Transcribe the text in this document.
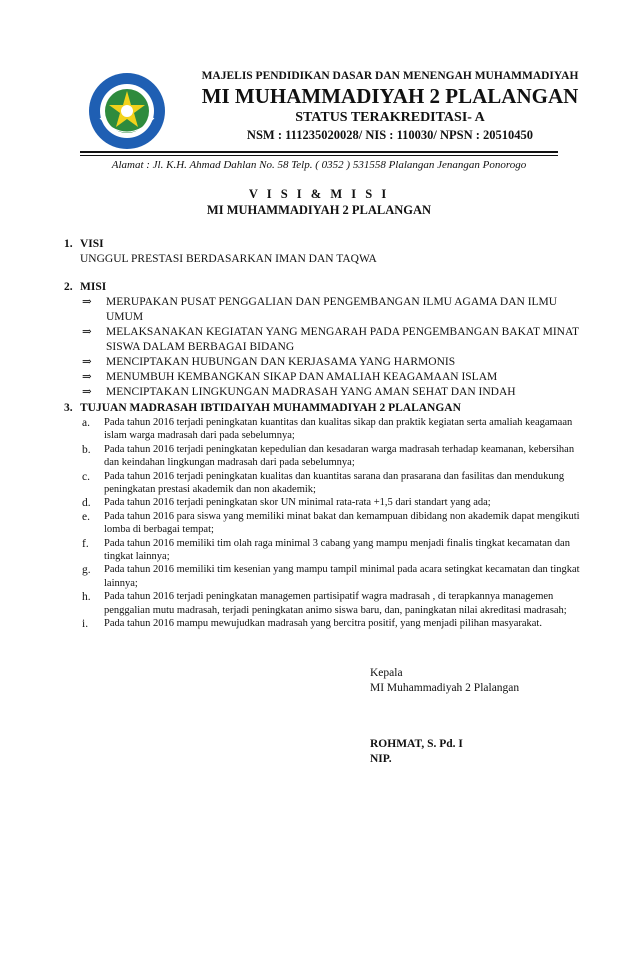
MAJELIS PENDIDIKAN DASAR DAN MENENGAH MUHAMMADIYAH
MI MUHAMMADIYAH 2 PLALANGAN
STATUS TERAKREDITASI- A
NSM : 111235020028/ NIS : 110030/ NPSN : 20510450
Alamat : Jl. K.H. Ahmad Dahlan No. 58 Telp. ( 0352 ) 531558 Plalangan Jenangan Ponorogo
V I S I & M I S I
MI MUHAMMADIYAH 2 PLALANGAN
1. VISI
UNGGUL PRESTASI BERDASARKAN IMAN DAN TAQWA
2. MISI
⇒	MERUPAKAN PUSAT PENGGALIAN DAN PENGEMBANGAN ILMU AGAMA DAN ILMU UMUM
⇒	MELAKSANAKAN KEGIATAN YANG MENGARAH PADA PENGEMBANGAN BAKAT MINAT SISWA DALAM BERBAGAI BIDANG
⇒	MENCIPTAKAN HUBUNGAN DAN KERJASAMA YANG HARMONIS
⇒	MENUMBUH KEMBANGKAN SIKAP DAN AMALIAH KEAGAMAAN ISLAM
⇒	MENCIPTAKAN LINGKUNGAN MADRASAH YANG AMAN SEHAT DAN INDAH
3. TUJUAN MADRASAH IBTIDAIYAH MUHAMMADIYAH 2 PLALANGAN
a.	Pada tahun 2016 terjadi peningkatan kuantitas dan kualitas sikap dan praktik kegiatan serta amaliah keagamaan islam warga madrasah dari pada sebelumnya;
b.	Pada tahun 2016 terjadi peningkatan kepedulian dan kesadaran warga madrasah terhadap keamanan, kebersihan dan keindahan lingkungan madrasah dari pada sebelumnya;
c.	Pada tahun 2016 terjadi peningkatan kualitas dan kuantitas sarana dan prasarana dan fasilitas dan mendukung peningkatan prestasi akademik dan non akademik;
d.	Pada tahun 2016 terjadi peningkatan skor UN minimal rata-rata +1,5 dari standart yang ada;
e.	Pada tahun 2016 para siswa yang memiliki minat bakat dan kemampuan dibidang non akademik dapat mengikuti lomba di berbagai tempat;
f.	Pada tahun 2016 memiliki tim olah raga minimal 3 cabang yang mampu menjadi finalis tingkat kecamatan dan tingkat lainnya;
g.	Pada tahun 2016 memiliki tim kesenian yang mampu tampil minimal pada acara setingkat kecamatan dan tingkat lainnya;
h.	Pada tahun 2016 terjadi peningkatan managemen partisipatif wagra madrasah , di terapkannya managemen penggalian mutu madrasah, terjadi peningkatan animo siswa baru, dan, paningkatan nilai akreditasi madrasah;
i.	Pada tahun 2016 mampu mewujudkan madrasah yang bercitra positif, yang menjadi pilihan masyarakat.
Kepala
MI Muhammadiyah 2 Plalangan
ROHMAT, S. Pd. I
NIP.
